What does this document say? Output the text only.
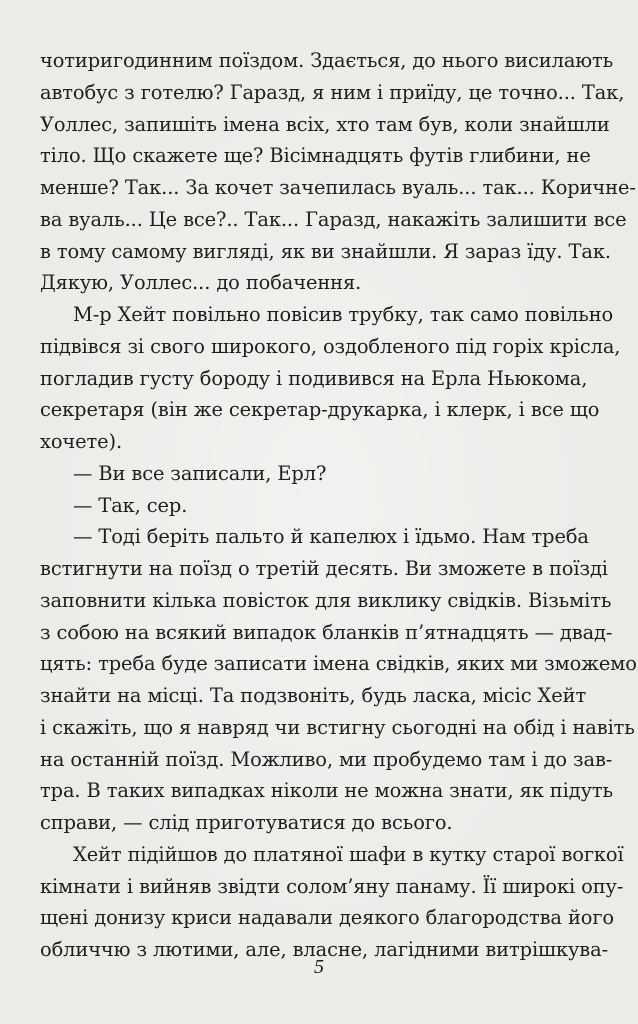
чотиригодинним поїздом. Здається, до нього висилають
автобус з готелю? Гаразд, я ним і приїду, це точно... Так,
Уоллес, запишіть імена всіх, хто там був, коли знайшли
тіло. Що скажете ще? Вісімнадцять футів глибини, не
менше? Так... За кочет зачепилась вуаль... так... Коричне-
ва вуаль... Це все?.. Так... Гаразд, накажіть залишити все
в тому самому вигляді, як ви знайшли. Я зараз їду. Так.
Дякую, Уоллес... до побачення.
М-р Хейт повільно повісив трубку, так само повільно
підвівся зі свого широкого, оздобленого під горіх крісла,
погладив густу бороду і подивився на Ерла Ньюкома,
секретаря (він же секретар-друкарка, і клерк, і все що
хочете).
— Ви все записали, Ерл?
— Так, сер.
— Тоді беріть пальто й капелюх і їдьмо. Нам треба
встигнути на поїзд о третій десять. Ви зможете в поїзді
заповнити кілька повісток для виклику свідків. Візьміть
з собою на всякий випадок бланків п’ятнадцять — двад-
цять: треба буде записати імена свідків, яких ми зможемо
знайти на місці. Та подзвоніть, будь ласка, місіс Хейт
і скажіть, що я навряд чи встигну сьогодні на обід і навіть
на останній поїзд. Можливо, ми пробудемо там і до зав-
тра. В таких випадках ніколи не можна знати, як підуть
справи, — слід приготуватися до всього.
Хейт підійшов до платяної шафи в кутку старої вогкої
кімнати і вийняв звідти солом’яну панаму. Її широкі опу-
щені донизу криси надавали деякого благородства його
обличчю з лютими, але, власне, лагідними витрішкува-
5
